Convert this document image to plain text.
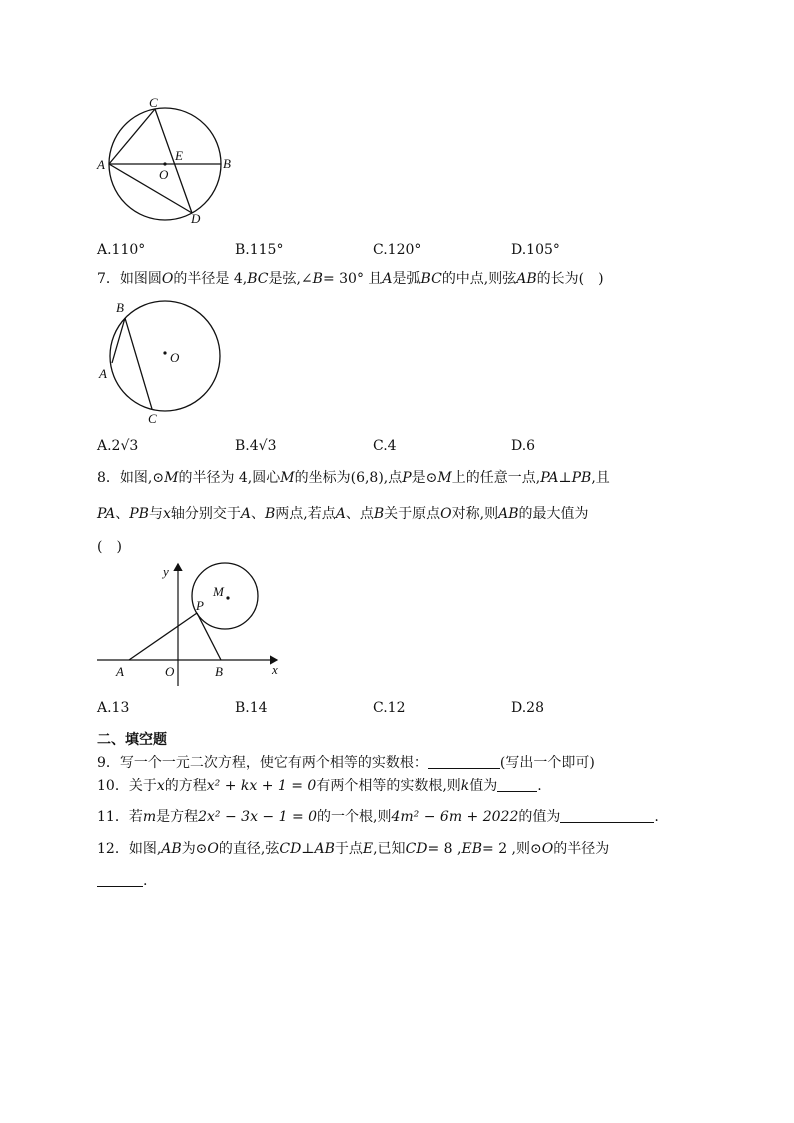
C
A
E
B
O
D
A.110°	B.115°	C.120°	D.105°
7．如图圆O的半径是 4,BC是弦,∠B= 30° 且A是弧BC的中点,则弦AB的长为(　)
B
A
O
C
A.2√3	B.4√3	C.4	D.6
8．如图,⊙M的半径为 4,圆心M的坐标为(6,8),点P是⊙M上的任意一点,PA⊥PB,且
PA、PB与x轴分别交于A、B两点,若点A、点B关于原点O对称,则AB的最大值为
(　)
y
M
P
A	O	B	x
A.13	B.14	C.12	D.28
二、填空题
9．写一个一元二次方程，使它有两个相等的实数根：	(写出一个即可)
10．关于x的方程x² + kx + 1 = 0有两个相等的实数根,则k值为	.
11．若m是方程2x² − 3x − 1 = 0的一个根,则4m² − 6m + 2022的值为	.
12．如图,AB为⊙O的直径,弦CD⊥AB于点E,已知CD= 8 ,EB= 2 ,则⊙O的半径为
.
